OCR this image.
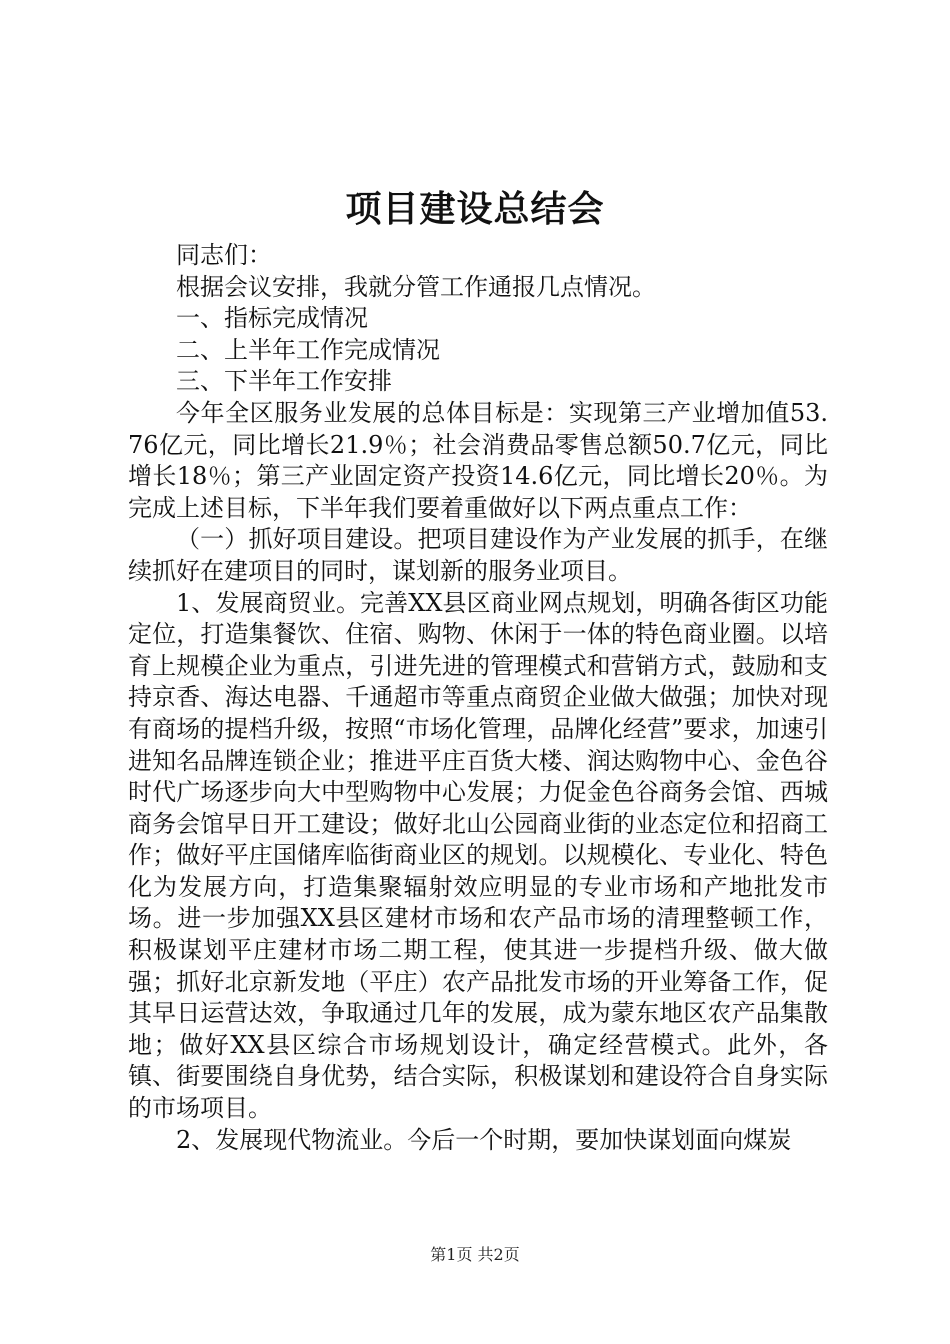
项目建设总结会

同志们：

根据会议安排，我就分管工作通报几点情况。

一、指标完成情况

二、上半年工作完成情况

三、下半年工作安排

今年全区服务业发展的总体目标是：实现第三产业增加值53.76亿元，同比增长21.9％；社会消费品零售总额50.7亿元，同比增长18％；第三产业固定资产投资14.6亿元，同比增长20％。为完成上述目标，下半年我们要着重做好以下两点重点工作：

（一）抓好项目建设。把项目建设作为产业发展的抓手，在继续抓好在建项目的同时，谋划新的服务业项目。

1、发展商贸业。完善XX县区商业网点规划，明确各街区功能定位，打造集餐饮、住宿、购物、休闲于一体的特色商业圈。以培育上规模企业为重点，引进先进的管理模式和营销方式，鼓励和支持京香、海达电器、千通超市等重点商贸企业做大做强；加快对现有商场的提档升级，按照“市场化管理，品牌化经营”要求，加速引进知名品牌连锁企业；推进平庄百货大楼、润达购物中心、金色谷时代广场逐步向大中型购物中心发展；力促金色谷商务会馆、西城商务会馆早日开工建设；做好北山公园商业街的业态定位和招商工作；做好平庄国储库临街商业区的规划。以规模化、专业化、特色化为发展方向，打造集聚辐射效应明显的专业市场和产地批发市场。进一步加强XX县区建材市场和农产品市场的清理整顿工作，积极谋划平庄建材市场二期工程，使其进一步提档升级、做大做强；抓好北京新发地（平庄）农产品批发市场的开业筹备工作，促其早日运营达效，争取通过几年的发展，成为蒙东地区农产品集散地；做好XX县区综合市场规划设计，确定经营模式。此外，各镇、街要围绕自身优势，结合实际，积极谋划和建设符合自身实际的市场项目。

2、发展现代物流业。今后一个时期，要加快谋划面向煤炭

第1页 共2页
